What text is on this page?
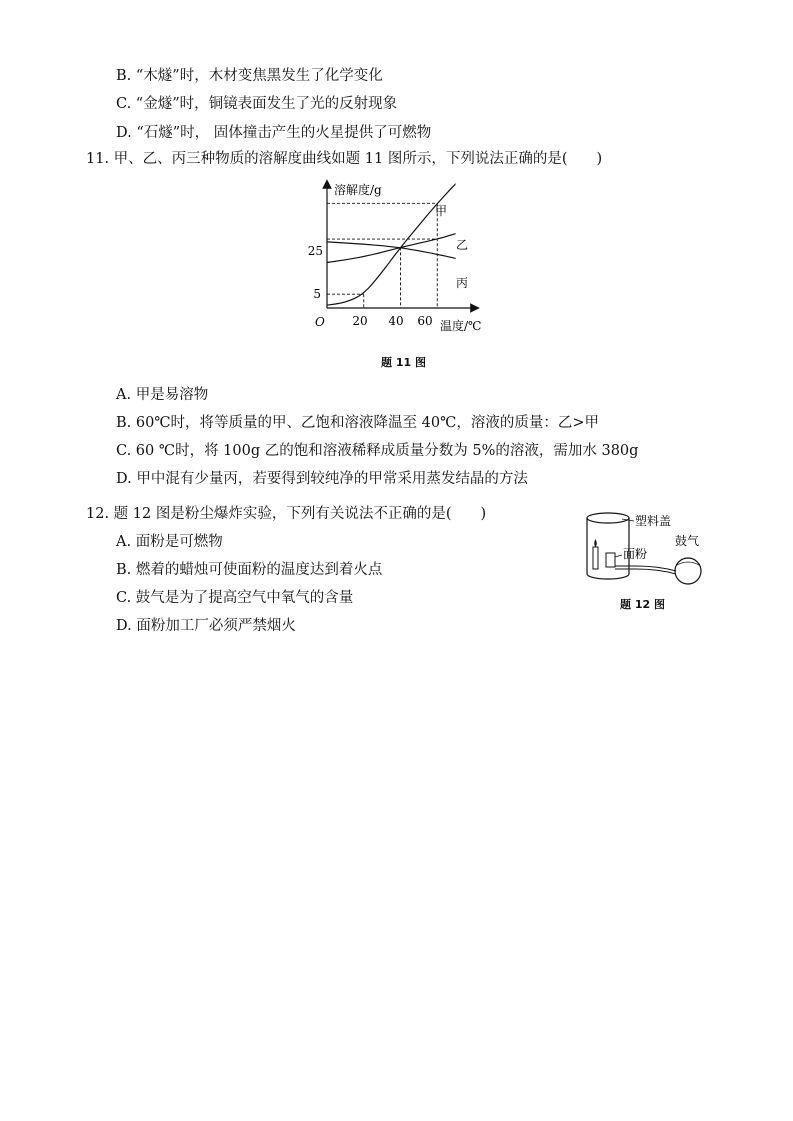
B. “木燧”时，木材变焦黑发生了化学变化
C. “金燧”时，铜镜表面发生了光的反射现象
D. “石燧”时， 固体撞击产生的火星提供了可燃物
11. 甲、乙、丙三种物质的溶解度曲线如题 11 图所示，下列说法正确的是(　　)
溶解度/g
温度/℃
O 20 40 60
5
25
甲
乙
丙
题 11 图
A. 甲是易溶物
B. 60℃时，将等质量的甲、乙饱和溶液降温至 40℃，溶液的质量：乙>甲
C. 60 ℃时，将 100g 乙的饱和溶液稀释成质量分数为 5%的溶液，需加水 380g
D. 甲中混有少量丙，若要得到较纯净的甲常采用蒸发结晶的方法
12. 题 12 图是粉尘爆炸实验，下列有关说法不正确的是(　　)
A. 面粉是可燃物
B. 燃着的蜡烛可使面粉的温度达到着火点
C. 鼓气是为了提高空气中氧气的含量
D. 面粉加工厂必须严禁烟火
塑料盖
面粉
鼓气
题 12 图
